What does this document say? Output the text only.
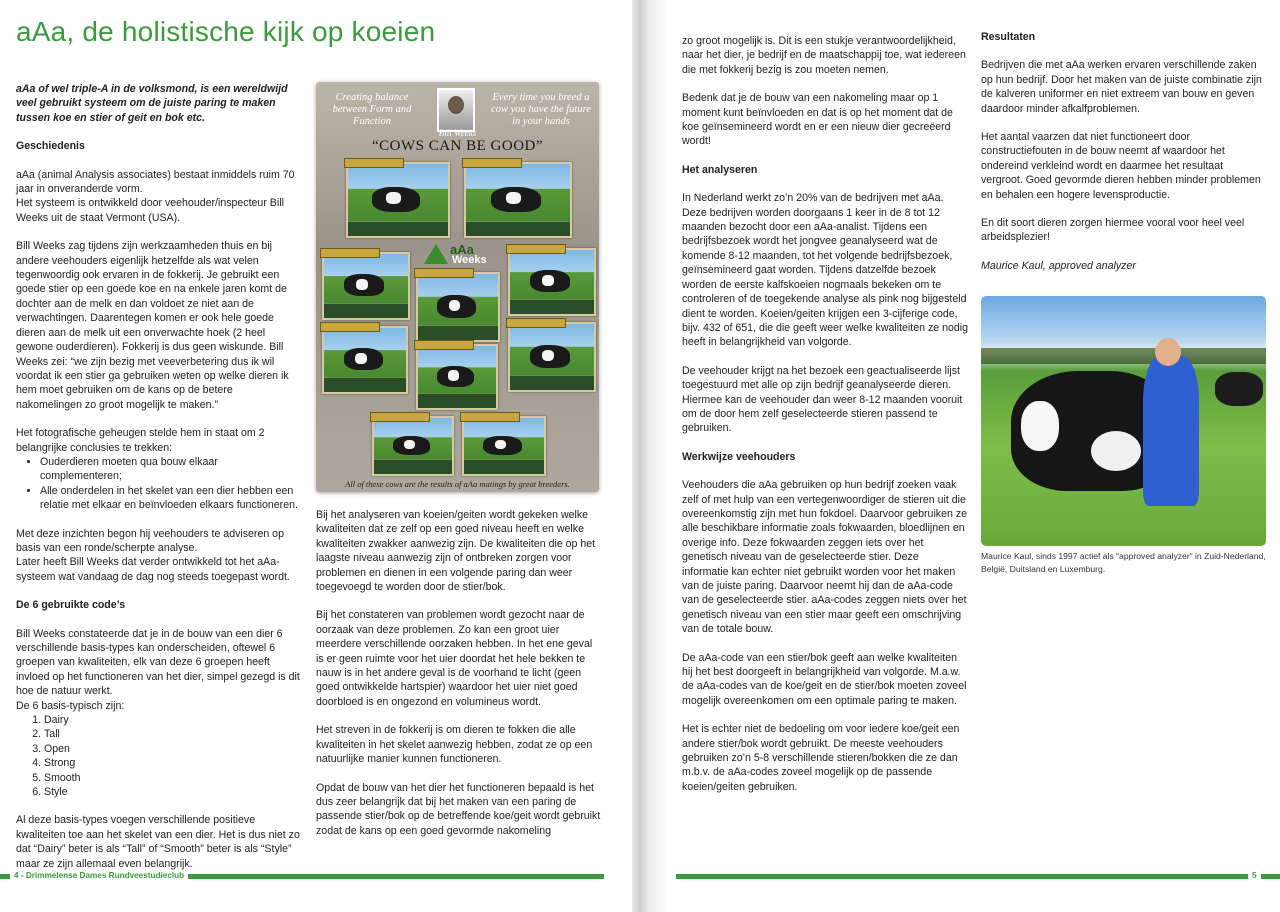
aAa, de holistische kijk op koeien

aAa of wel triple-A in de volksmond, is een wereldwijd veel gebruikt systeem om de juiste paring te maken tussen koe en stier of geit en bok etc.

Geschiedenis

aAa (animal Analysis associates) bestaat inmiddels ruim 70 jaar in onveranderde vorm.

Het systeem is ontwikkeld door veehouder/inspecteur Bill Weeks uit de staat Vermont (USA).

Bill Weeks zag tijdens zijn werkzaamheden thuis en bij andere veehouders eigenlijk hetzelfde als wat velen tegenwoordig ook ervaren in de fokkerij. Je gebruikt een goede stier op een goede koe en na enkele jaren komt de dochter aan de melk en dan voldoet ze niet aan de verwachtingen. Daarentegen komen er ook hele goede dieren aan de melk uit een onverwachte hoek (2 heel gewone ouderdieren). Fokkerij is dus geen wiskunde. Bill Weeks zei: “we zijn bezig met veeverbetering dus ik wil voordat ik een stier ga gebruiken weten op welke dieren ik hem moet gebruiken om de kans op de betere nakomelingen zo groot mogelijk te maken.”

Het fotografische geheugen stelde hem in staat om 2 belangrijke conclusies te trekken:

• Ouderdieren moeten qua bouw elkaar complementeren;
• Alle onderdelen in het skelet van een dier hebben een relatie met elkaar en beïnvloeden elkaars functioneren.

Met deze inzichten begon hij veehouders te adviseren op basis van een ronde/scherpte analyse.

Later heeft Bill Weeks dat verder ontwikkeld tot het aAa-systeem wat vandaag de dag nog steeds toegepast wordt.

De 6 gebruikte code’s

Bill Weeks constateerde dat je in de bouw van een dier 6 verschillende basis-types kan onderscheiden, oftewel 6 groepen van kwaliteiten, elk van deze 6 groepen heeft invloed op het functioneren van het dier, simpel gezegd is dit hoe de natuur werkt.

De 6 basis-typisch zijn:

1. Dairy
2. Tall
3. Open
4. Strong
5. Smooth
6. Style

Al deze basis-types voegen verschillende positieve kwaliteiten toe aan het skelet van een dier. Het is dus niet zo dat “Dairy” beter is als “Tall” of “Smooth” beter is als “Style” maar ze zijn allemaal even belangrijk.

Creating balance between Form and Function
Every time you breed a cow you have the future in your hands
Bill Weeks
“COWS CAN BE GOOD”
aAa
Weeks
All of these cows are the results of aAa matings by great breeders.

Bij het analyseren van koeien/geiten wordt gekeken welke kwaliteiten dat ze zelf op een goed niveau heeft en welke kwaliteiten zwakker aanwezig zijn. De kwaliteiten die op het laagste niveau aanwezig zijn of ontbreken zorgen voor problemen en dienen in een volgende paring dan weer toegevoegd te worden door de stier/bok.

Bij het constateren van problemen wordt gezocht naar de oorzaak van deze problemen. Zo kan een groot uier meerdere verschillende oorzaken hebben. In het ene geval is er geen ruimte voor het uier doordat het hele bekken te nauw is in het andere geval is de voorhand te licht (geen goed ontwikkelde hartspier) waardoor het uier niet goed doorbloed is en ongezond en volumineus wordt.

Het streven in de fokkerij is om dieren te fokken die alle kwaliteiten in het skelet aanwezig hebben, zodat ze op een natuurlijke manier kunnen functioneren.

Opdat de bouw van het dier het functioneren bepaald is het dus zeer belangrijk dat bij het maken van een paring de passende stier/bok op de betreffende koe/geit wordt gebruikt zodat de kans op een goed gevormde nakomeling

4 - Drimmelense Dames Rundveestudieclub

zo groot mogelijk is. Dit is een stukje verantwoordelijkheid, naar het dier, je bedrijf en de maatschappij toe, wat iedereen die met fokkerij bezig is zou moeten nemen.

Bedenk dat je de bouw van een nakomeling maar op 1 moment kunt beïnvloeden en dat is op het moment dat de koe geïnsemineerd wordt en er een nieuw dier gecreëerd wordt!

Het analyseren

In Nederland werkt zo’n 20% van de bedrijven met aAa. Deze bedrijven worden doorgaans 1 keer in de 8 tot 12 maanden bezocht door een aAa-analist. Tijdens een bedrijfsbezoek wordt het jongvee geanalyseerd wat de komende 8-12 maanden, tot het volgende bedrijfsbezoek, geïnsemineerd gaat worden. Tijdens datzelfde bezoek worden de eerste kalfskoeien nogmaals bekeken om te controleren of de toegekende analyse als pink nog bijgesteld dient te worden. Koeien/geiten krijgen een 3-cijferige code, bijv. 432 of 651, die die geeft weer welke kwaliteiten ze nodig heeft in belangrijkheid van volgorde.

De veehouder krijgt na het bezoek een geactualiseerde lijst toegestuurd met alle op zijn bedrijf geanalyseerde dieren. Hiermee kan de veehouder dan weer 8-12 maanden vooruit om de door hem zelf geselecteerde stieren passend te gebruiken.

Werkwijze veehouders

Veehouders die aAa gebruiken op hun bedrijf zoeken vaak zelf of met hulp van een vertegenwoordiger de stieren uit die overeenkomstig zijn met hun fokdoel. Daarvoor gebruiken ze alle beschikbare informatie zoals fokwaarden, bloedlijnen en overige info. Deze fokwaarden zeggen iets over het genetisch niveau van de geselecteerde stier. Deze informatie kan echter niet gebruikt worden voor het maken van de juiste paring. Daarvoor neemt hij dan de aAa-code van de geselecteerde stier. aAa-codes zeggen niets over het genetisch niveau van een stier maar geeft een omschrijving van de totale bouw.

De aAa-code van een stier/bok geeft aan welke kwaliteiten hij het best doorgeeft in belangrijkheid van volgorde. M.a.w. de aAa-codes van de koe/geit en de stier/bok moeten zoveel mogelijk overeenkomen om een optimale paring te maken.

Het is echter niet de bedoeling om voor iedere koe/geit een andere stier/bok wordt gebruikt. De meeste veehouders gebruiken zo’n 5-8 verschillende stieren/bokken die ze dan m.b.v. de aAa-codes zoveel mogelijk op de passende koeien/geiten gebruiken.

Resultaten

Bedrijven die met aAa werken ervaren verschillende zaken op hun bedrijf. Door het maken van de juiste combinatie zijn de kalveren uniformer en niet extreem van bouw en geven daardoor minder afkalfproblemen.

Het aantal vaarzen dat niet functioneert door constructiefouten in de bouw neemt af waardoor het ondereind verkleind wordt en daarmee het resultaat vergroot. Goed gevormde dieren hebben minder problemen en behalen een hogere levensproductie.

En dit soort dieren zorgen hiermee vooral voor heel veel arbeidsplezier!

Maurice Kaul, approved analyzer

Maurice Kaul, sinds 1997 actief als “approved analyzer” in Zuid-Nederland, België, Duitsland en Luxemburg.
5
